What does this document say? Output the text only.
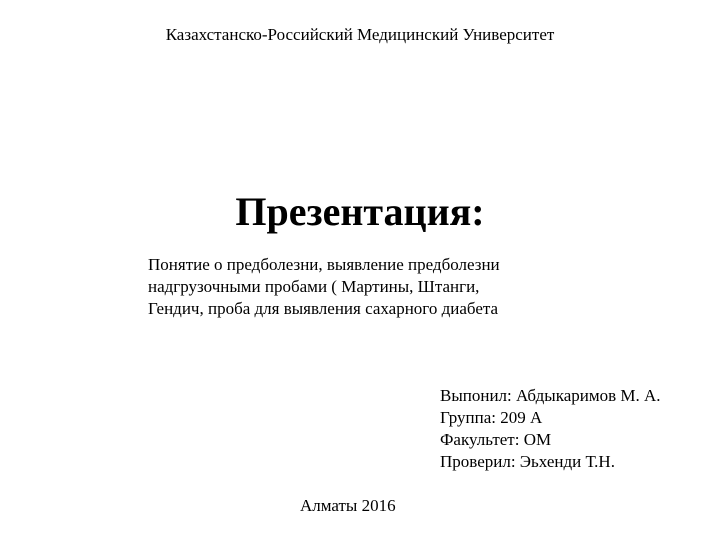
Казахстанско-Российский Медицинский Университет
Презентация:
Понятие о предболезни, выявление предболезни
надгрузочными пробами ( Мартины, Штанги,
Гендич, проба для выявления сахарного диабета
Выпонил: Абдыкаримов М. А.
Группа: 209 А
Факультет: ОМ
Проверил: Эьхенди Т.Н.
Алматы 2016
